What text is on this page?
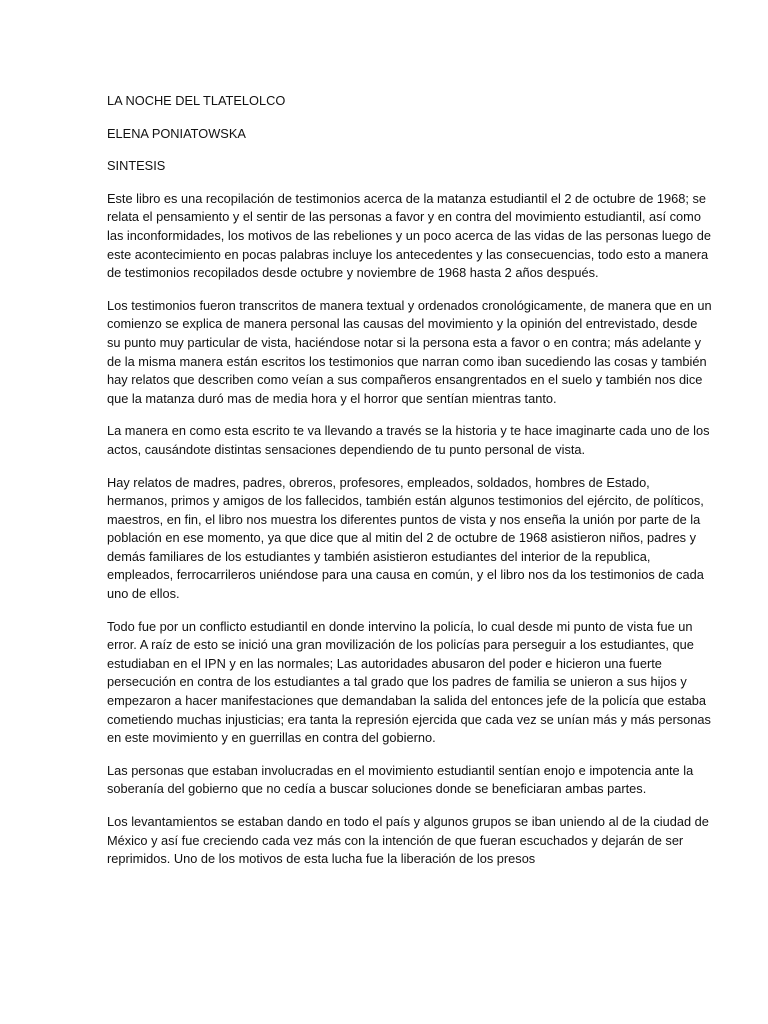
LA NOCHE DEL TLATELOLCO
ELENA PONIATOWSKA
SINTESIS

Este libro es una recopilación de testimonios acerca de la matanza estudiantil el 2 de octubre de 1968; se relata el pensamiento y el sentir de las personas a favor y en contra del movimiento estudiantil, así como las inconformidades, los motivos de las rebeliones y un poco acerca de las vidas de las personas luego de este acontecimiento en pocas palabras incluye los antecedentes y las consecuencias, todo esto a manera de testimonios recopilados desde octubre y noviembre de 1968 hasta 2 años después.

Los testimonios fueron transcritos de manera textual y ordenados cronológicamente, de manera que en un comienzo se explica de manera personal las causas del movimiento y la opinión del entrevistado, desde su punto muy particular de vista, haciéndose notar si la persona esta a favor o en contra; más adelante y de la misma manera están escritos los testimonios que narran como iban sucediendo las cosas y también hay relatos que describen como veían a sus compañeros ensangrentados en el suelo y también nos dice que la matanza duró mas de media hora y el horror que sentían mientras tanto.

La manera en como esta escrito te va llevando a través se la historia y te hace imaginarte cada uno de los actos, causándote distintas sensaciones dependiendo de tu punto personal de vista.

Hay relatos de madres, padres, obreros, profesores, empleados, soldados, hombres de Estado, hermanos, primos y amigos de los fallecidos, también están algunos testimonios del ejército, de políticos, maestros, en fin, el libro nos muestra los diferentes puntos de vista y nos enseña la unión por parte de la población en ese momento, ya que dice que al mitin del 2 de octubre de 1968 asistieron niños, padres y demás familiares de los estudiantes y también asistieron estudiantes del interior de la republica, empleados, ferrocarrileros uniéndose para una causa en común, y el libro nos da los testimonios de cada uno de ellos.

Todo fue por un conflicto estudiantil en donde intervino la policía, lo cual desde mi punto de vista fue un error. A raíz de esto se inició una gran movilización de los policías para perseguir a los estudiantes, que estudiaban en el IPN y en las normales; Las autoridades abusaron del poder e hicieron una fuerte persecución en contra de los estudiantes a tal grado que los padres de familia se unieron a sus hijos y empezaron a hacer manifestaciones que demandaban la salida del entonces jefe de la policía que estaba cometiendo muchas injusticias; era tanta la represión ejercida que cada vez se unían más y más personas en este movimiento y en guerrillas en contra del gobierno.

Las personas que estaban involucradas en el movimiento estudiantil sentían enojo e impotencia ante la soberanía del gobierno que no cedía a buscar soluciones donde se beneficiaran ambas partes.

Los levantamientos se estaban dando en todo el país y algunos grupos se iban uniendo al de la ciudad de México y así fue creciendo cada vez más con la intención de que fueran escuchados y dejarán de ser reprimidos. Uno de los motivos de esta lucha fue la liberación de los presos
